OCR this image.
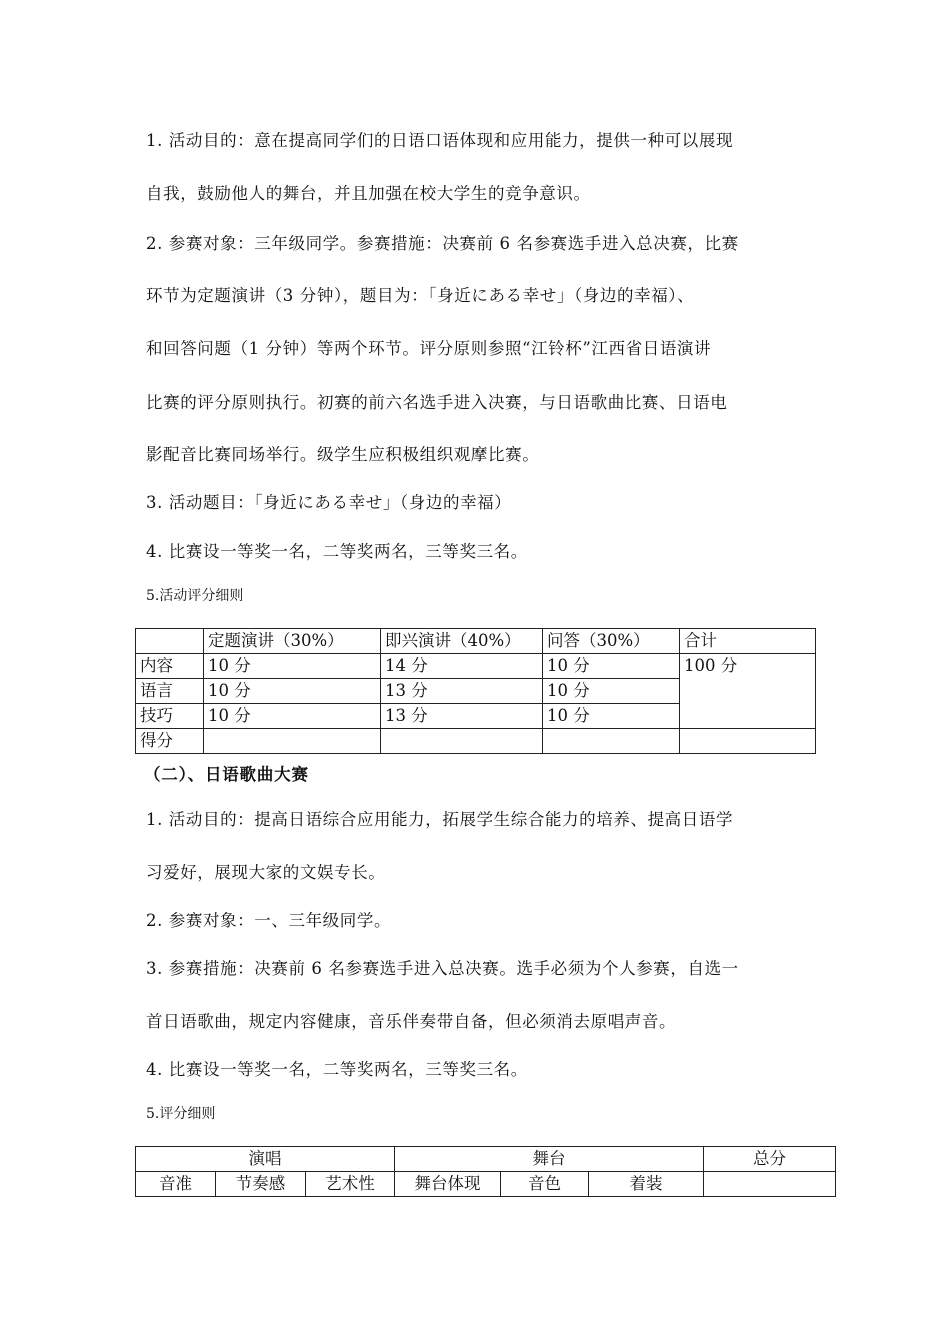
1. 活动目的：意在提高同学们的日语口语体现和应用能力，提供一种可以展现
自我，鼓励他人的舞台，并且加强在校大学生的竞争意识。
2. 参赛对象：三年级同学。参赛措施：决赛前 6 名参赛选手进入总决赛，比赛
环节为定题演讲（3 分钟），题目为：「身近にある幸せ」（身边的幸福）、
和回答问题（1 分钟）等两个环节。评分原则参照“江铃杯”江西省日语演讲
比赛的评分原则执行。初赛的前六名选手进入决赛，与日语歌曲比赛、日语电
影配音比赛同场举行。级学生应积极组织观摩比赛。
3. 活动题目：「身近にある幸せ」（身边的幸福）
4. 比赛设一等奖一名，二等奖两名，三等奖三名。
5.活动评分细则
	定题演讲（30%）	即兴演讲（40%）	问答（30%）	合计
内容	10 分	14 分	10 分	100 分
语言	10 分	13 分	10 分	
技巧	10 分	13 分	10 分	
得分				
（二）、日语歌曲大赛
1. 活动目的：提高日语综合应用能力，拓展学生综合能力的培养、提高日语学
习爱好，展现大家的文娱专长。
2. 参赛对象：一、三年级同学。
3. 参赛措施：决赛前 6 名参赛选手进入总决赛。选手必须为个人参赛，自选一
首日语歌曲，规定内容健康，音乐伴奏带自备，但必须消去原唱声音。
4. 比赛设一等奖一名，二等奖两名，三等奖三名。
5.评分细则
演唱			舞台			总分
音准	节奏感	艺术性	舞台体现	音色	着装	
